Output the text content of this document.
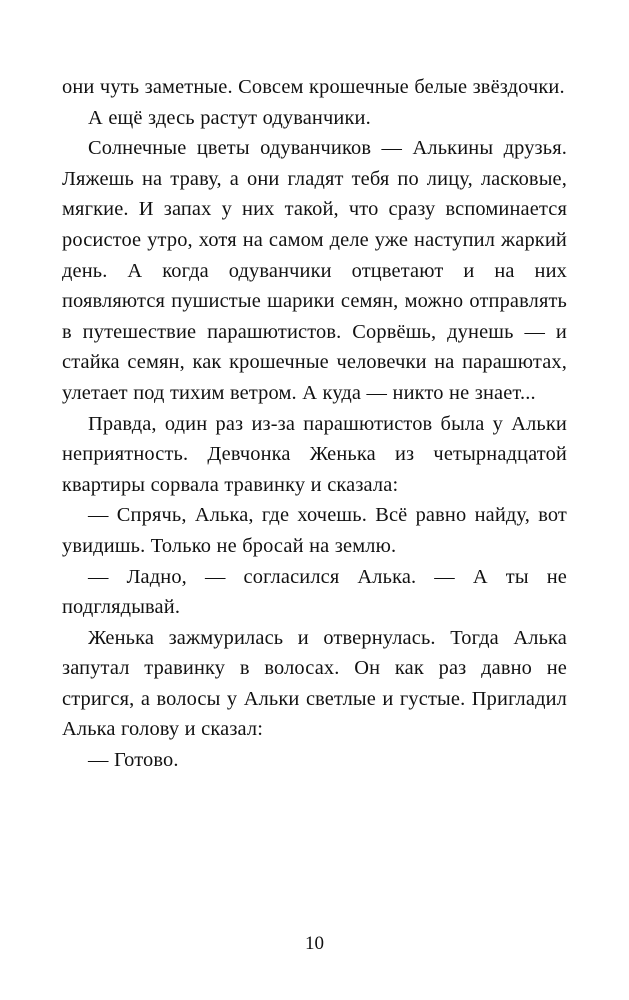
они чуть заметные. Совсем крошечные белые звёздочки.

А ещё здесь растут одуванчики.

Солнечные цветы одуванчиков — Алькины друзья. Ляжешь на траву, а они гладят тебя по лицу, ласковые, мягкие. И запах у них такой, что сразу вспоминается росистое утро, хотя на самом деле уже наступил жаркий день. А когда одуванчики отцветают и на них появляются пушистые шарики семян, можно отправлять в путешествие парашютистов. Сорвёшь, дунешь — и стайка семян, как крошечные человечки на парашютах, улетает под тихим ветром. А куда — никто не знает...

Правда, один раз из-за парашютистов была у Альки неприятность. Девчонка Женька из четырнадцатой квартиры сорвала травинку и сказала:

— Спрячь, Алька, где хочешь. Всё равно найду, вот увидишь. Только не бросай на землю.

— Ладно, — согласился Алька. — А ты не подглядывай.

Женька зажмурилась и отвернулась. Тогда Алька запутал травинку в волосах. Он как раз давно не стригся, а волосы у Альки светлые и густые. Пригладил Алька голову и сказал:

— Готово.

10
